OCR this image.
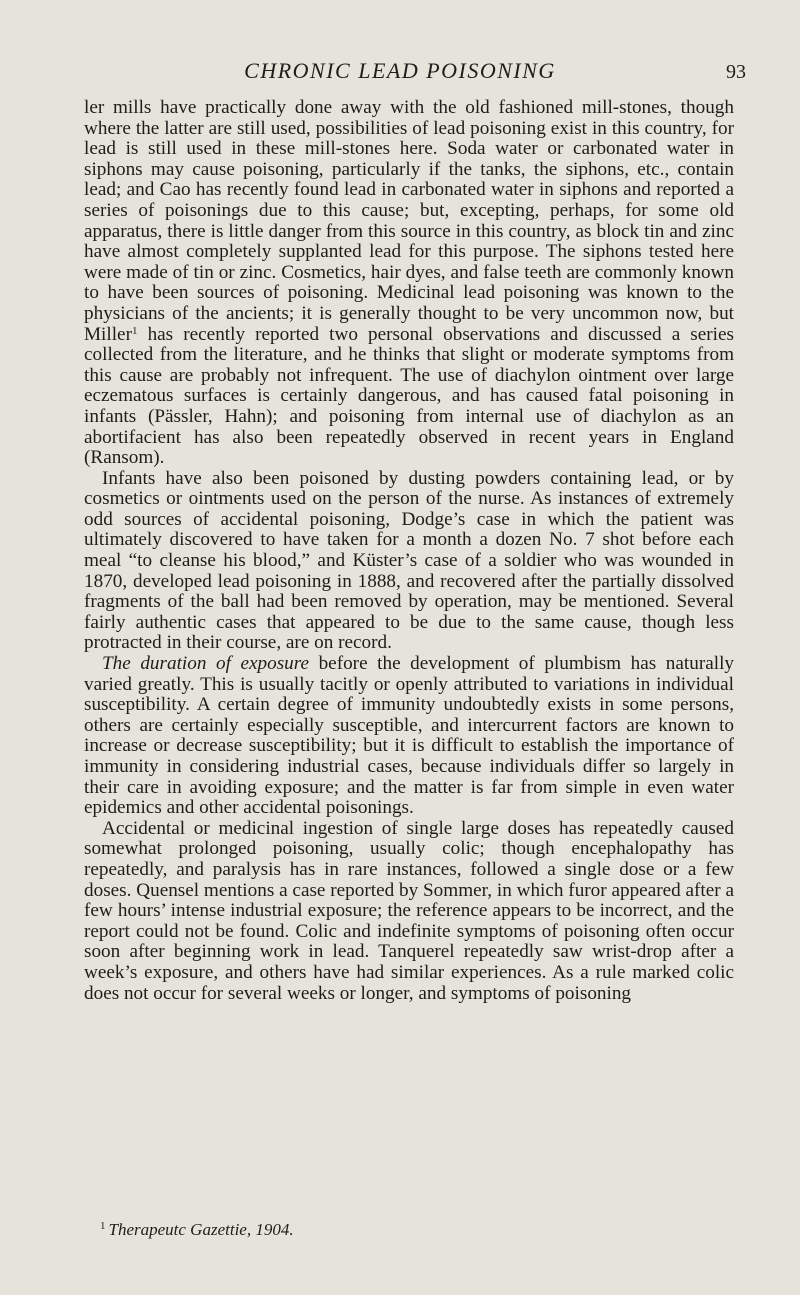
CHRONIC LEAD POISONING	93

ler mills have practically done away with the old fashioned mill-stones, though where the latter are still used, possibilities of lead poisoning exist in this country, for lead is still used in these mill-stones here. Soda water or carbonated water in siphons may cause poisoning, particularly if the tanks, the siphons, etc., contain lead; and Cao has recently found lead in carbonated water in siphons and reported a series of poisonings due to this cause; but, excepting, perhaps, for some old apparatus, there is little danger from this source in this country, as block tin and zinc have almost completely supplanted lead for this purpose. The siphons tested here were made of tin or zinc. Cosmetics, hair dyes, and false teeth are commonly known to have been sources of poisoning. Medicinal lead poisoning was known to the physicians of the ancients; it is generally thought to be very uncommon now, but Miller$^1$ has recently reported two personal observations and discussed a series collected from the literature, and he thinks that slight or moderate symptoms from this cause are probably not infrequent. The use of diachylon ointment over large eczematous surfaces is certainly dangerous, and has caused fatal poisoning in infants (Pässler, Hahn); and poisoning from internal use of diachylon as an abortifacient has also been repeatedly observed in recent years in England (Ransom).

Infants have also been poisoned by dusting powders containing lead, or by cosmetics or ointments used on the person of the nurse. As instances of extremely odd sources of accidental poisoning, Dodge’s case in which the patient was ultimately discovered to have taken for a month a dozen No. 7 shot before each meal “to cleanse his blood,” and Küster’s case of a soldier who was wounded in 1870, developed lead poisoning in 1888, and recovered after the partially dissolved fragments of the ball had been removed by operation, may be mentioned. Several fairly authentic cases that appeared to be due to the same cause, though less protracted in their course, are on record.

The duration of exposure before the development of plumbism has naturally varied greatly. This is usually tacitly or openly attributed to variations in individual susceptibility. A certain degree of immunity undoubtedly exists in some persons, others are certainly especially susceptible, and intercurrent factors are known to increase or decrease susceptibility; but it is difficult to establish the importance of immunity in considering industrial cases, because individuals differ so largely in their care in avoiding exposure; and the matter is far from simple in even water epidemics and other accidental poisonings.

Accidental or medicinal ingestion of single large doses has repeatedly caused somewhat prolonged poisoning, usually colic; though encephalopathy has repeatedly, and paralysis has in rare instances, followed a single dose or a few doses. Quensel mentions a case reported by Sommer, in which furor appeared after a few hours’ intense industrial exposure; the reference appears to be incorrect, and the report could not be found. Colic and indefinite symptoms of poisoning often occur soon after beginning work in lead. Tanquerel repeatedly saw wrist-drop after a week’s exposure, and others have had similar experiences. As a rule marked colic does not occur for several weeks or longer, and symptoms of poisoning

$^1$ Therapeutc Gazettie, 1904.
